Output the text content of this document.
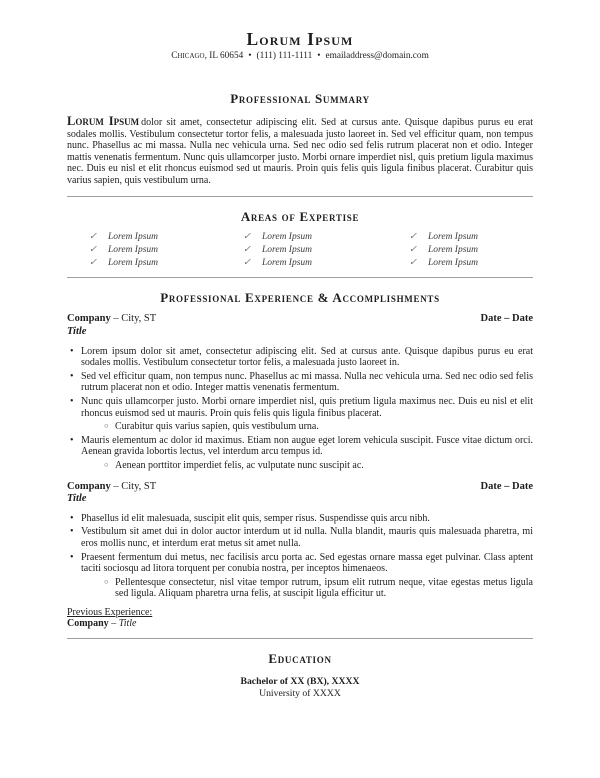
Lorum Ipsum
Chicago, IL 60654 • (111) 111-1111 • emailaddress@domain.com
Professional Summary

Lorum Ipsum dolor sit amet, consectetur adipiscing elit. Sed at cursus ante. Quisque dapibus purus eu erat sodales mollis. Vestibulum consectetur tortor felis, a malesuada justo laoreet in. Sed vel efficitur quam, non tempus nunc. Phasellus ac mi massa. Nulla nec vehicula urna. Sed nec odio sed felis rutrum placerat non et odio. Integer mattis venenatis fermentum. Nunc quis ullamcorper justo. Morbi ornare imperdiet nisl, quis pretium ligula maximus nec. Duis eu nisl et elit rhoncus euismod sed ut mauris. Proin quis felis quis ligula finibus placerat. Curabitur quis varius sapien, quis vestibulum urna.

Areas of Expertise
✓ Lorem Ipsum
✓ Lorem Ipsum
✓ Lorem Ipsum
✓ Lorem Ipsum
✓ Lorem Ipsum
✓ Lorem Ipsum
✓ Lorem Ipsum
✓ Lorem Ipsum
✓ Lorem Ipsum
Professional Experience & Accomplishments
Company – City, ST	Date – Date
Title
• Lorem ipsum dolor sit amet, consectetur adipiscing elit. Sed at cursus ante. Quisque dapibus purus eu erat sodales mollis. Vestibulum consectetur tortor felis, a malesuada justo laoreet in.
• Sed vel efficitur quam, non tempus nunc. Phasellus ac mi massa. Nulla nec vehicula urna. Sed nec odio sed felis rutrum placerat non et odio. Integer mattis venenatis fermentum.
• Nunc quis ullamcorper justo. Morbi ornare imperdiet nisl, quis pretium ligula maximus nec. Duis eu nisl et elit rhoncus euismod sed ut mauris. Proin quis felis quis ligula finibus placerat.
○ Curabitur quis varius sapien, quis vestibulum urna.
• Mauris elementum ac dolor id maximus. Etiam non augue eget lorem vehicula suscipit. Fusce vitae dictum orci. Aenean gravida lobortis lectus, vel interdum arcu tempus id.
○ Aenean porttitor imperdiet felis, ac vulputate nunc suscipit ac.
Company – City, ST	Date – Date
Title
• Phasellus id elit malesuada, suscipit elit quis, semper risus. Suspendisse quis arcu nibh.
• Vestibulum sit amet dui in dolor auctor interdum ut id nulla. Nulla blandit, mauris quis malesuada pharetra, mi eros mollis nunc, et interdum erat metus sit amet nulla.
• Praesent fermentum dui metus, nec facilisis arcu porta ac. Sed egestas ornare massa eget pulvinar. Class aptent taciti sociosqu ad litora torquent per conubia nostra, per inceptos himenaeos.
○ Pellentesque consectetur, nisl vitae tempor rutrum, ipsum elit rutrum neque, vitae egestas metus ligula sed ligula. Aliquam pharetra urna felis, at suscipit ligula efficitur ut.
Previous Experience:
Company – Title
Education
Bachelor of XX (BX), XXXX
University of XXXX
